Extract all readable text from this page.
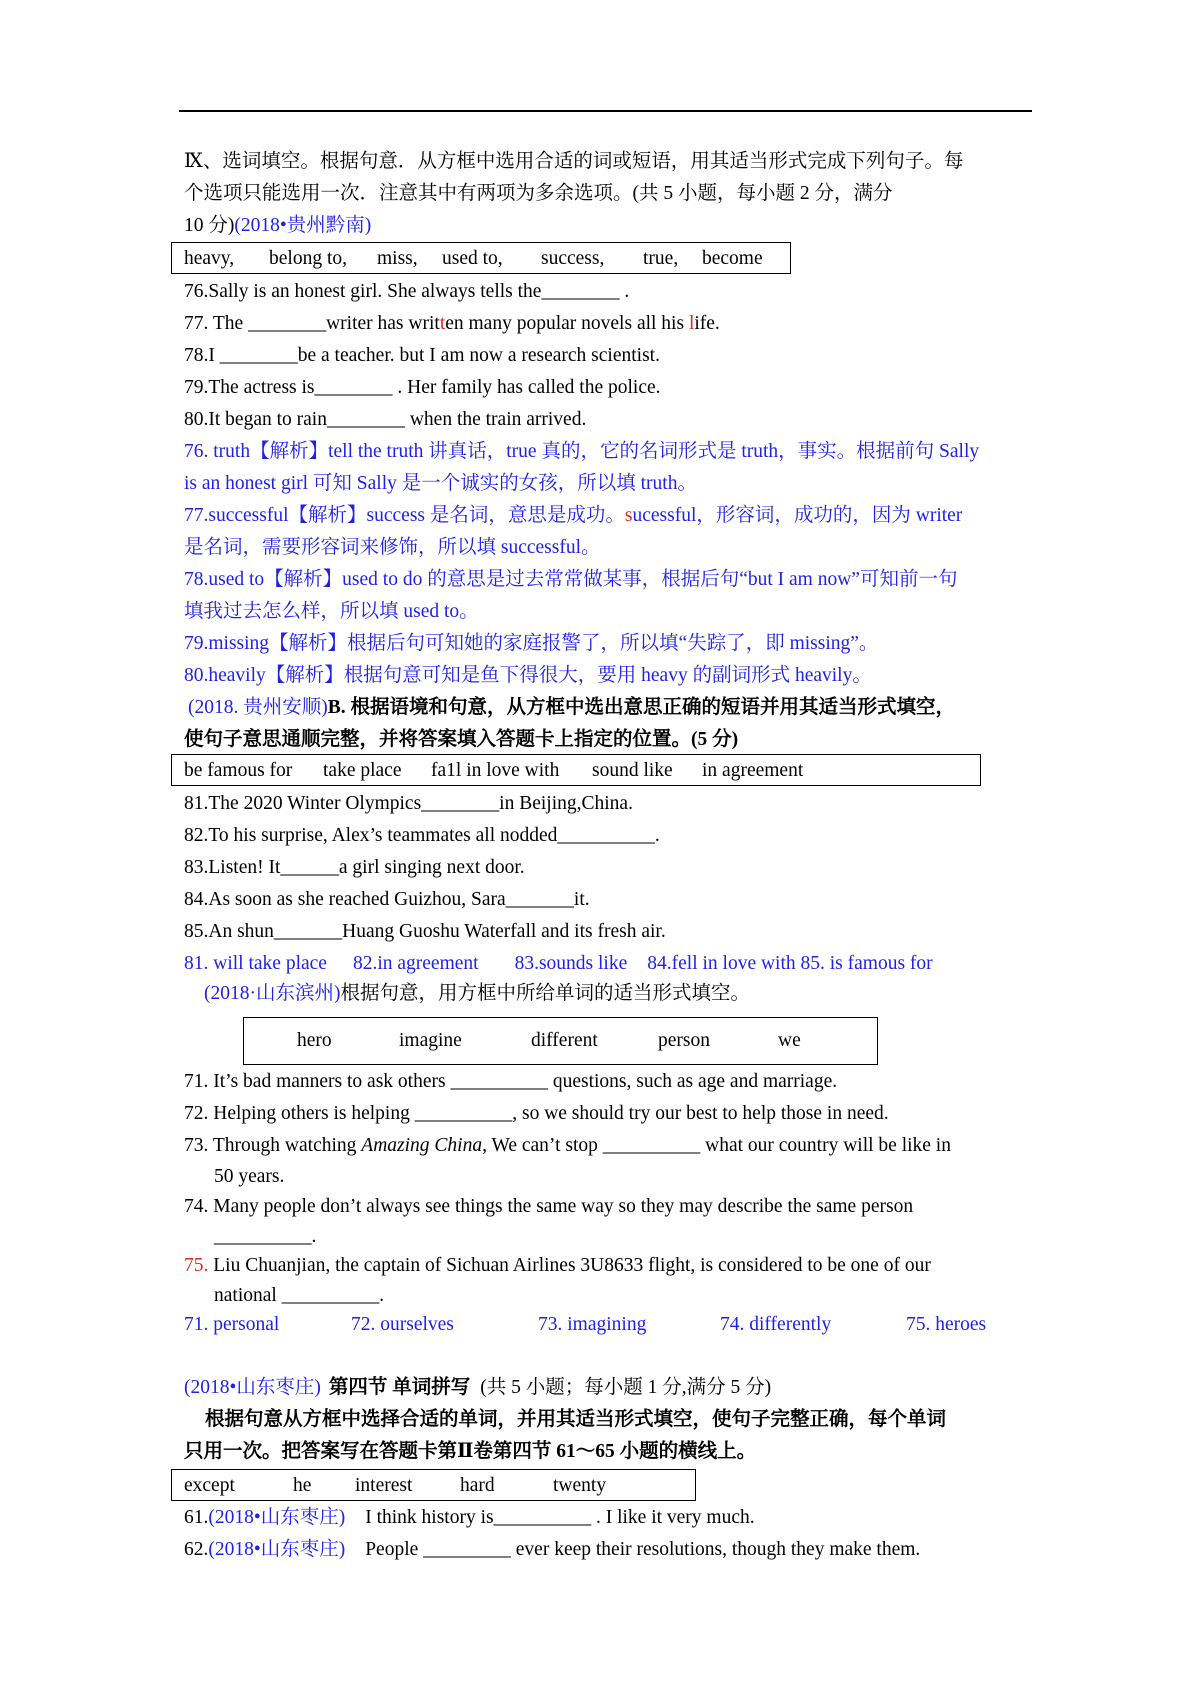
Ⅸ、选词填空。根据句意．从方框中选用合适的词或短语，用其适当形式完成下列句子。每
个选项只能选用一次．注意其中有两项为多余选项。(共 5 小题，每小题 2 分，满分
10 分)(2018•贵州黔南)
heavy, belong to, miss, used to, success, true, become
76.Sally is an honest girl. She always tells the________ .
77. The ________writer has written many popular novels all his life.
78.I ________be a teacher. but I am now a research scientist.
79.The actress is________ . Her family has called the police.
80.It began to rain________ when the train arrived.
76. truth【解析】tell the truth 讲真话，true 真的，它的名词形式是 truth，事实。根据前句 Sally
is an honest girl 可知 Sally 是一个诚实的女孩，所以填 truth。
77.successful【解析】success 是名词，意思是成功。sucessful，形容词，成功的，因为 writer
是名词，需要形容词来修饰，所以填 successful。
78.used to【解析】used to do 的意思是过去常常做某事，根据后句“but I am now”可知前一句
填我过去怎么样，所以填 used to。
79.missing【解析】根据后句可知她的家庭报警了，所以填“失踪了，即 missing”。
80.heavily【解析】根据句意可知是鱼下得很大，要用 heavy 的副词形式 heavily。
(2018. 贵州安顺)B. 根据语境和句意，从方框中选出意思正确的短语并用其适当形式填空，
使句子意思通顺完整，并将答案填入答题卡上指定的位置。(5 分)
be famous for take place fa1l in love with sound like in agreement
81.The 2020 Winter Olympics________in Beijing,China.
82.To his surprise, Alex’s teammates all nodded__________.
83.Listen! It______a girl singing next door.
84.As soon as she reached Guizhou, Sara_______it.
85.An shun_______Huang Guoshu Waterfall and its fresh air.
81. will take place 82.in agreement 83.sounds like 84.fell in love with 85. is famous for
(2018·山东滨州)根据句意，用方框中所给单词的适当形式填空。
hero	imagine	different	person	we
71. It’s bad manners to ask others __________ questions, such as age and marriage.
72. Helping others is helping __________, so we should try our best to help those in need.
73. Through watching Amazing China, We can’t stop __________ what our country will be like in
50 years.
74. Many people don’t always see things the same way so they may describe the same person
__________.
75. Liu Chuanjian, the captain of Sichuan Airlines 3U8633 flight, is considered to be one of our
national __________.
71. personal	72. ourselves	73. imagining	74. differently	75. heroes
(2018•山东枣庄) 第四节 单词拼写 (共 5 小题；每小题 1 分,满分 5 分)
根据句意从方框中选择合适的单词，并用其适当形式填空，使句子完整正确，每个单词
只用一次。把答案写在答题卡第Ⅱ卷第四节 61～65 小题的横线上。
except	he interest hard	twenty
61.(2018•山东枣庄) I think history is__________ . I like it very much.
62.(2018•山东枣庄) People _________ ever keep their resolutions, though they make them.
